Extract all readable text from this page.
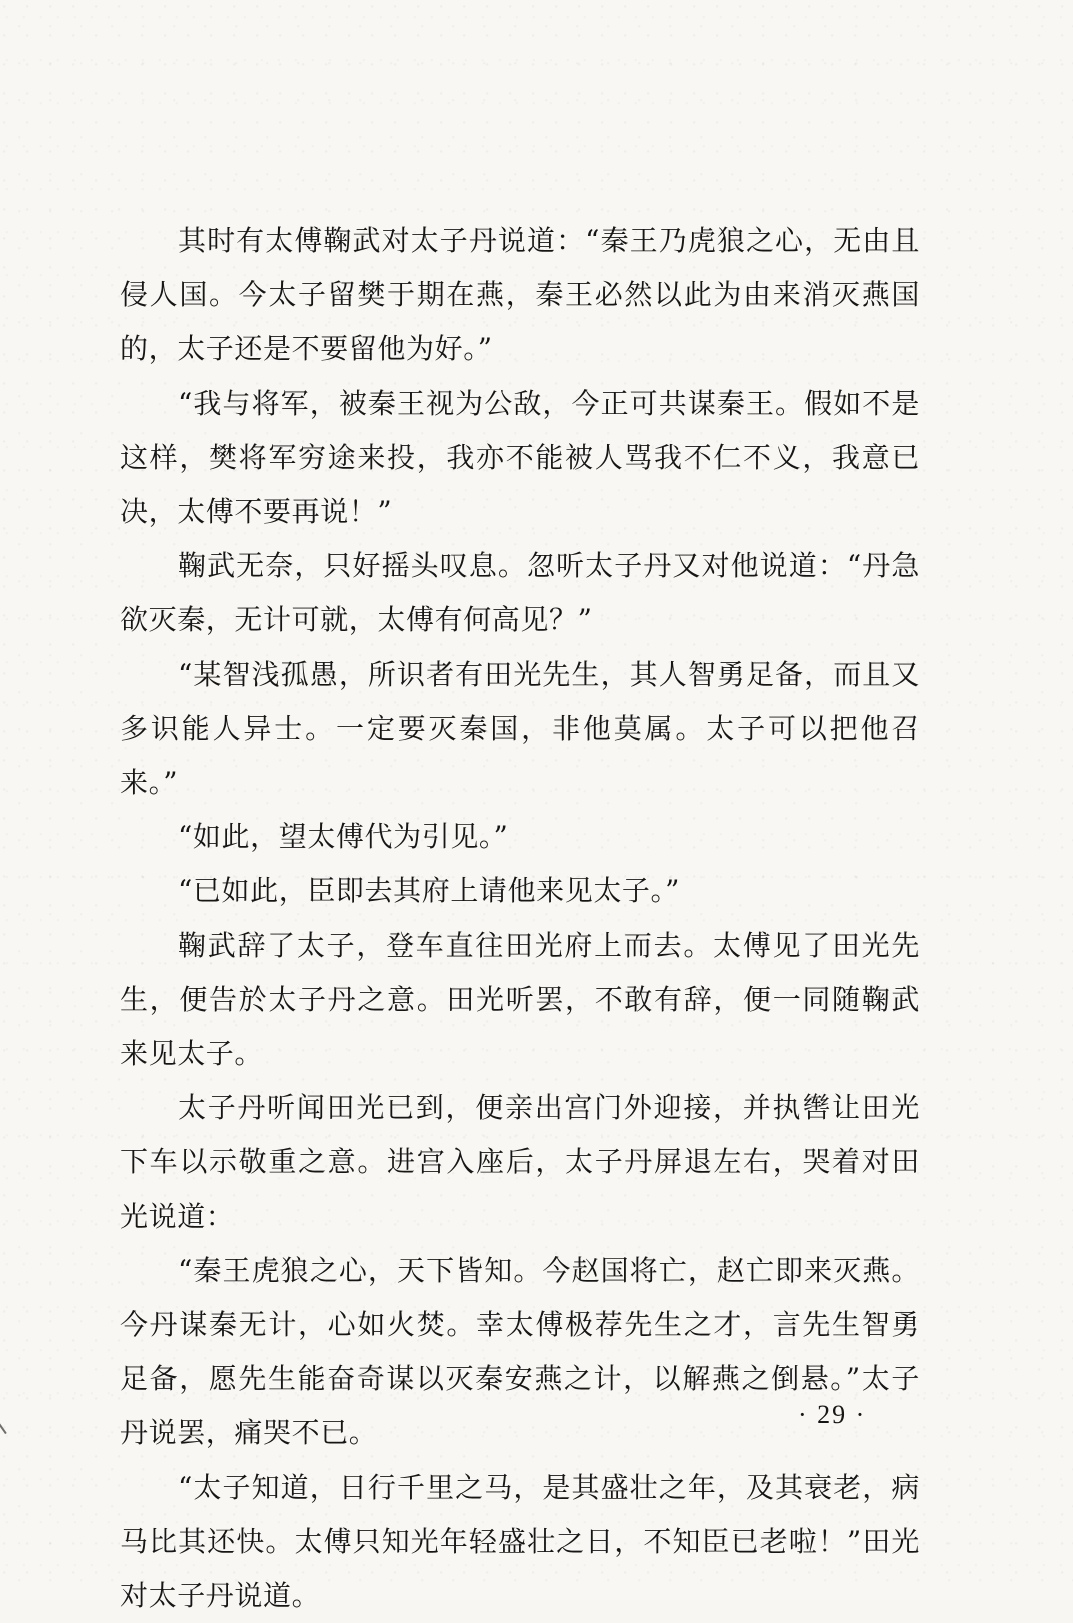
其时有太傅鞠武对太子丹说道：“秦王乃虎狼之心，无由且侵人国。今太子留樊于期在燕，秦王必然以此为由来消灭燕国的，太子还是不要留他为好。”

“我与将军，被秦王视为公敌，今正可共谋秦王。假如不是这样，樊将军穷途来投，我亦不能被人骂我不仁不义，我意已决，太傅不要再说！”

鞠武无奈，只好摇头叹息。忽听太子丹又对他说道：“丹急欲灭秦，无计可就，太傅有何高见？”

“某智浅孤愚，所识者有田光先生，其人智勇足备，而且又多识能人异士。一定要灭秦国，非他莫属。太子可以把他召来。”

“如此，望太傅代为引见。”

“已如此，臣即去其府上请他来见太子。”

鞠武辞了太子，登车直往田光府上而去。太傅见了田光先生，便告於太子丹之意。田光听罢，不敢有辞，便一同随鞠武来见太子。

太子丹听闻田光已到，便亲出宫门外迎接，并执辔让田光下车以示敬重之意。进宫入座后，太子丹屏退左右，哭着对田光说道：

“秦王虎狼之心，天下皆知。今赵国将亡，赵亡即来灭燕。今丹谋秦无计，心如火焚。幸太傅极荐先生之才，言先生智勇足备，愿先生能奋奇谋以灭秦安燕之计，以解燕之倒悬。”太子丹说罢，痛哭不已。

“太子知道，日行千里之马，是其盛壮之年，及其衰老，病马比其还快。太傅只知光年轻盛壮之日，不知臣已老啦！”田光对太子丹说道。

· 29 ·
